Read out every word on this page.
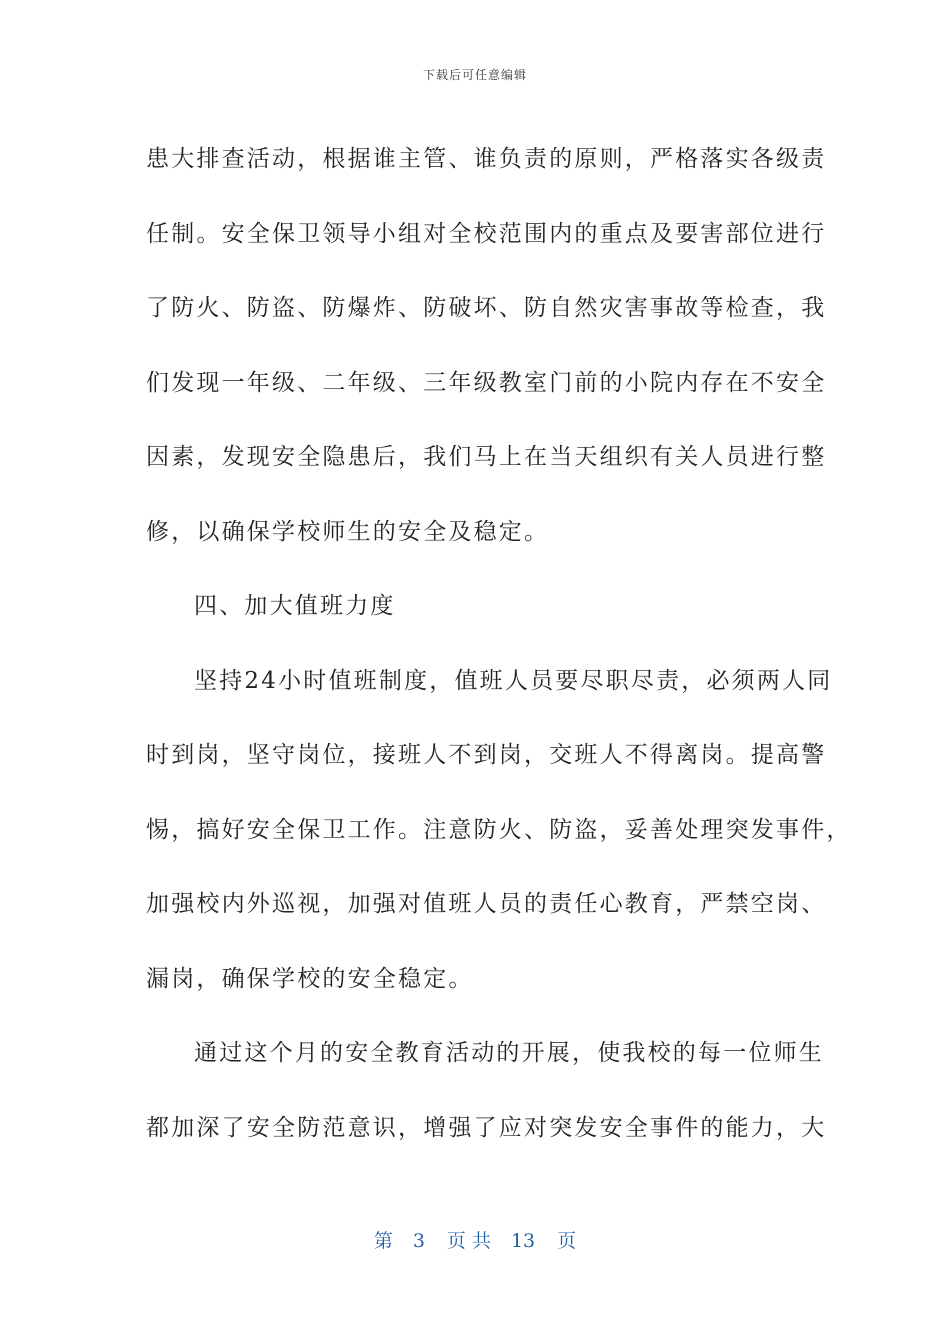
下载后可任意编辑
患大排查活动，根据谁主管、谁负责的原则，严格落实各级责
任制。安全保卫领导小组对全校范围内的重点及要害部位进行
了防火、防盗、防爆炸、防破坏、防自然灾害事故等检查，我
们发现一年级、二年级、三年级教室门前的小院内存在不安全
因素，发现安全隐患后，我们马上在当天组织有关人员进行整
修，以确保学校师生的安全及稳定。
四、加大值班力度
坚持24小时值班制度，值班人员要尽职尽责，必须两人同
时到岗，坚守岗位，接班人不到岗，交班人不得离岗。提高警
惕，搞好安全保卫工作。注意防火、防盗，妥善处理突发事件，
加强校内外巡视，加强对值班人员的责任心教育，严禁空岗、
漏岗，确保学校的安全稳定。
通过这个月的安全教育活动的开展，使我校的每一位师生
都加深了安全防范意识，增强了应对突发安全事件的能力，大
第 3 页 共 13 页
